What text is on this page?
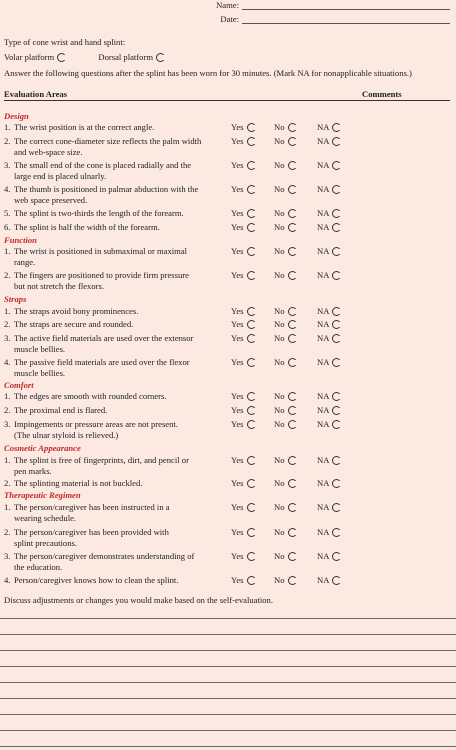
Name:
Date:
Type of cone wrist and hand splint:
Volar platform	Dorsal platform
Answer the following questions after the splint has been worn for 30 minutes. (Mark NA for nonapplicable situations.)
Evaluation Areas	Comments
Design
1. The wrist position is at the correct angle.	Yes	No	NA
2. The correct cone-diameter size reflects the palm width
and web-space size.
Yes	No	NA
3. The small end of the cone is placed radially and the
large end is placed ulnarly.
Yes	No	NA
4. The thumb is positioned in palmar abduction with the
web space preserved.
Yes	No	NA
5. The splint is two-thirds the length of the forearm.	Yes	No	NA
6. The splint is half the width of the forearm.	Yes	No	NA
Function
1. The wrist is positioned in submaximal or maximal
range.
Yes	No	NA
2. The fingers are positioned to provide firm pressure
but not stretch the flexors.
Yes	No	NA
Straps
1. The straps avoid bony prominences.	Yes	No	NA
2. The straps are secure and rounded.	Yes	No	NA
3. The active field materials are used over the extensor
muscle bellies.
Yes	No	NA
4. The passive field materials are used over the flexor
muscle bellies.
Yes	No	NA
Comfort
1. The edges are smooth with rounded corners.	Yes	No	NA
2. The proximal end is flared.	Yes	No	NA
3. Impingements or pressure areas are not present.
(The ulnar styloid is relieved.)
Yes	No	NA
Cosmetic Appearance
1. The splint is free of fingerprints, dirt, and pencil or
pen marks.
Yes	No	NA
2. The splinting material is not buckled.	Yes	No	NA
Therapeutic Regimen
1. The person/caregiver has been instructed in a
wearing schedule.
Yes	No	NA
2. The person/caregiver has been provided with
splint precautions.
Yes	No	NA
3. The person/caregiver demonstrates understanding of
the education.
Yes	No	NA
4. Person/caregiver knows how to clean the splint.	Yes	No	NA
Discuss adjustments or changes you would make based on the self-evaluation.
